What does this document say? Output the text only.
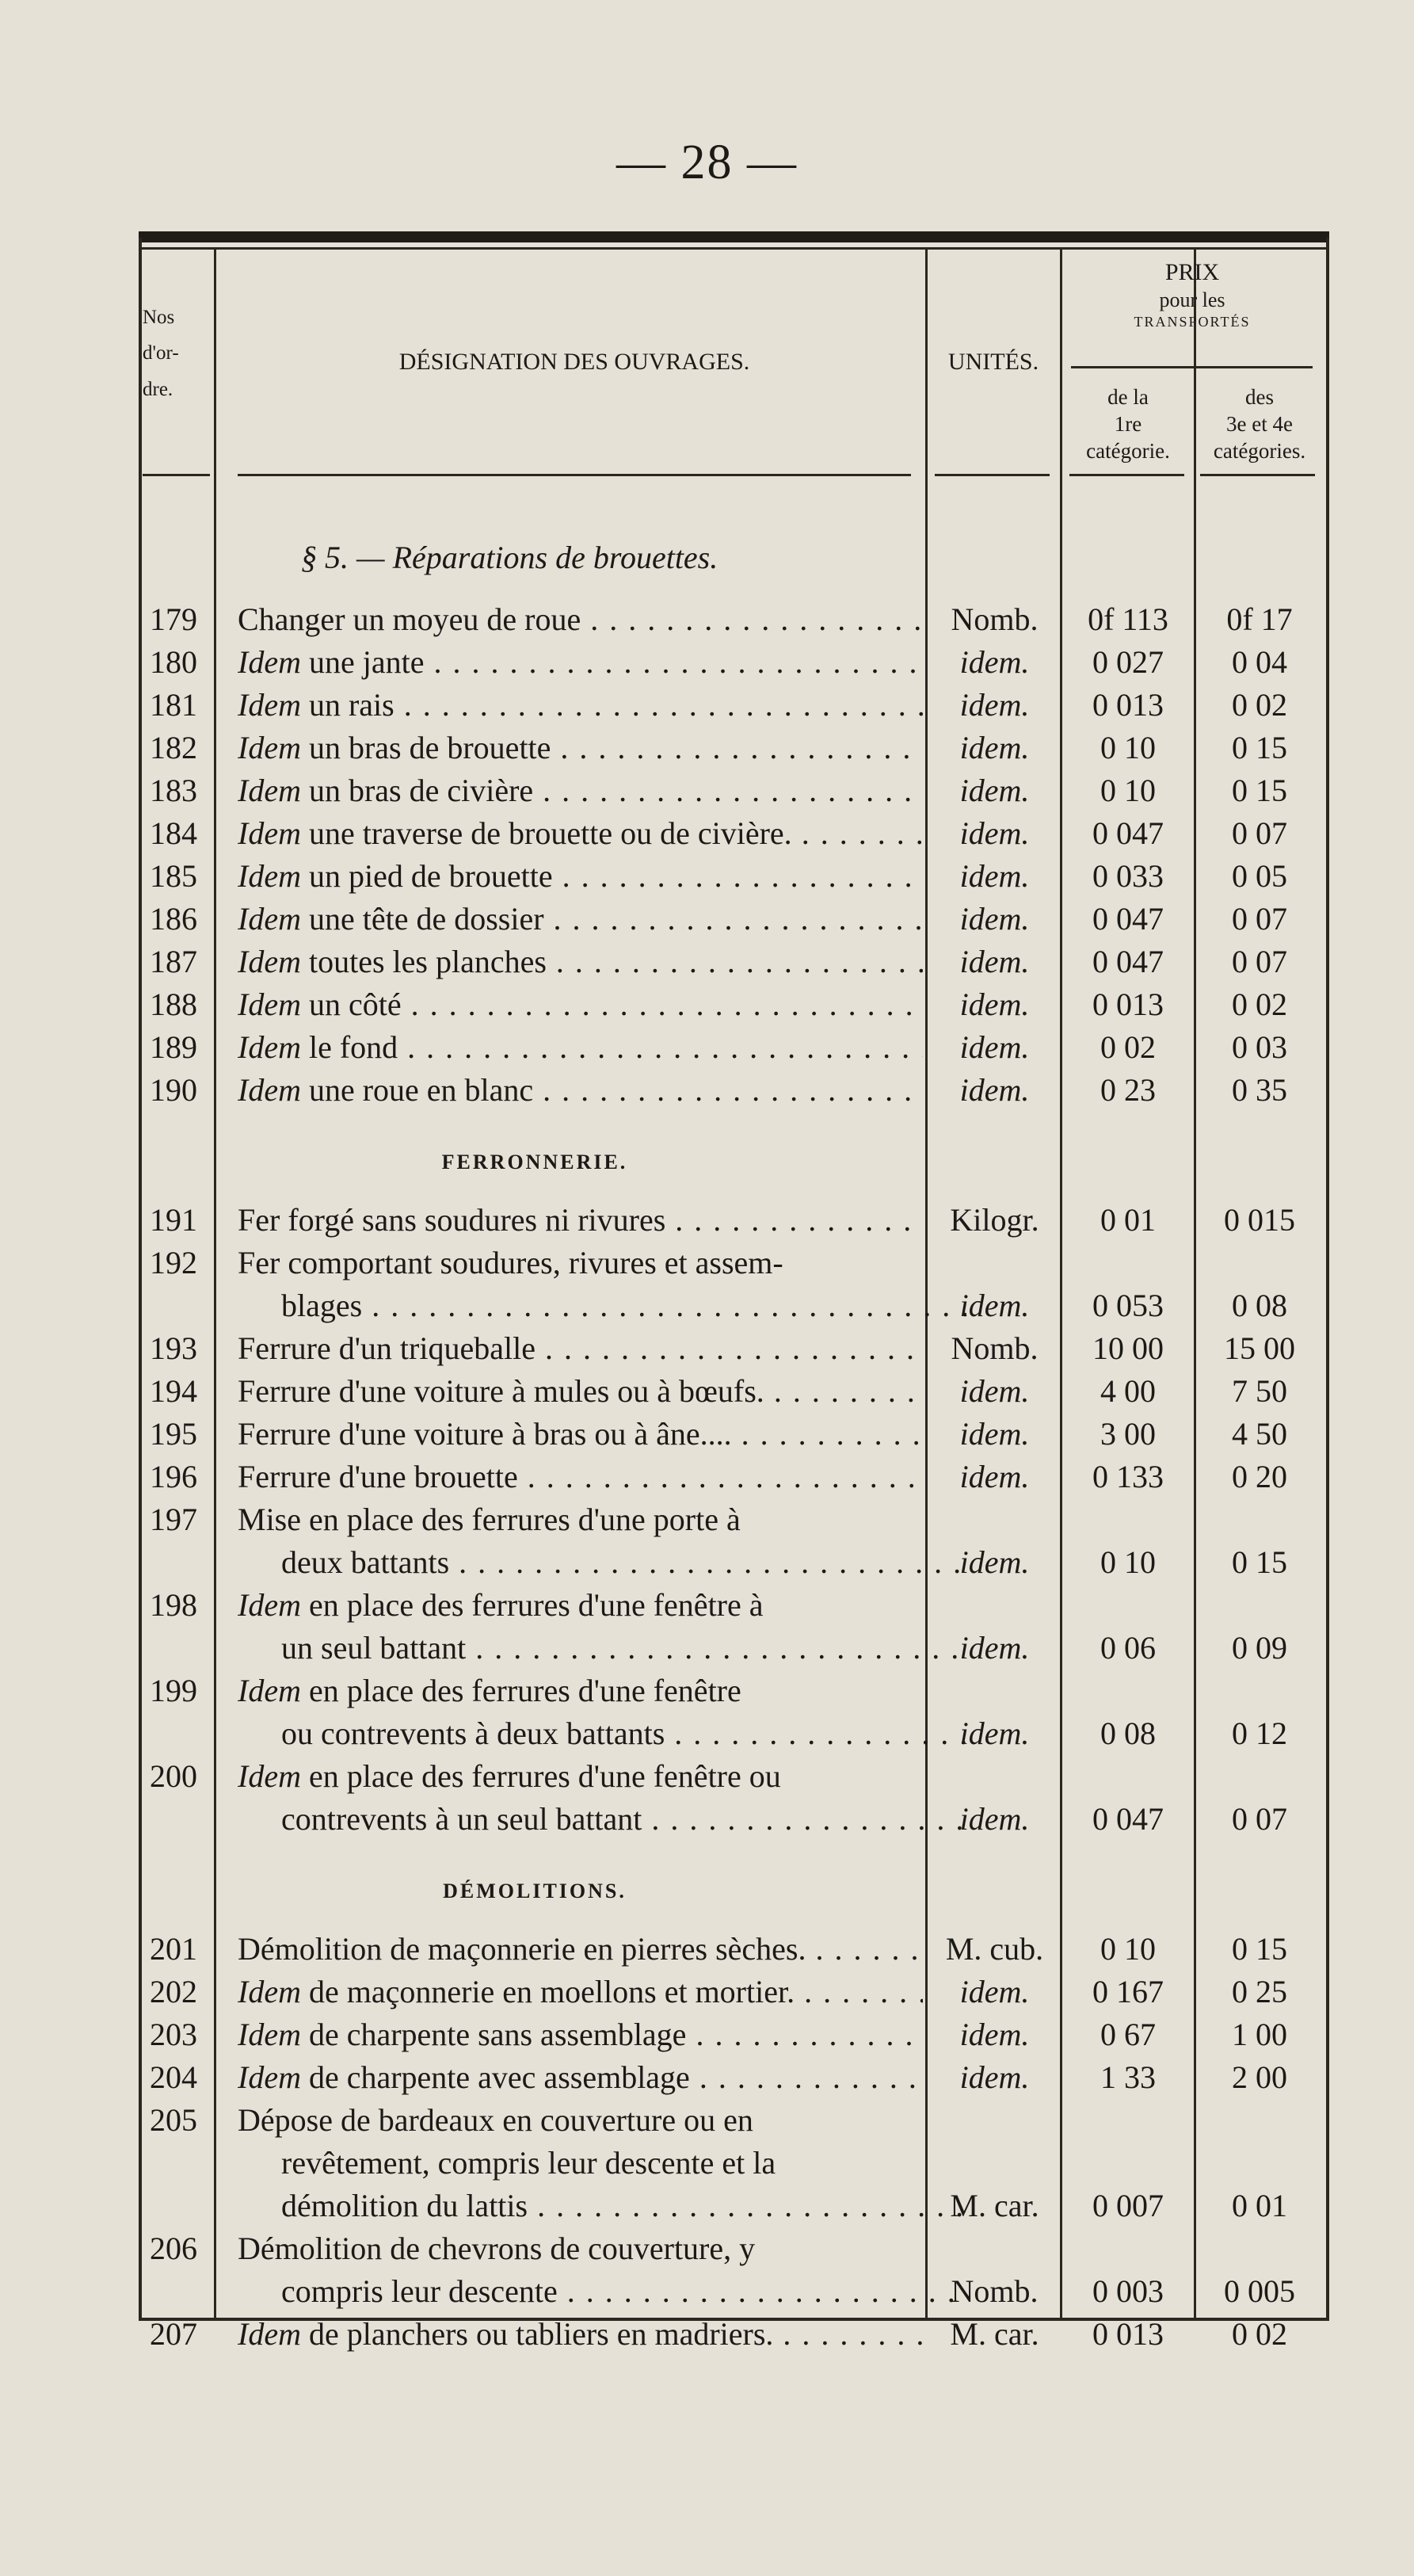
— 28 —
Nos
d'or-
dre.
DÉSIGNATION DES OUVRAGES.	UNITÉS.
PRIX
pour les
TRANSPORTÉS
de la
1re
catégorie.
des
3e et 4e
catégories.
§ 5. — Réparations de brouettes.
179	Changer un moyeu de roue . . .	Nomb.	0f 113	0f 17
180	Idem une jante . . .	idem.	0 027	0 04
181	Idem un rais . . .	idem.	0 013	0 02
182	Idem un bras de brouette . . .	idem.	0 10	0 15
183	Idem un bras de civière . . .	idem.	0 10	0 15
184	Idem une traverse de brouette ou de civière. . . .	idem.	0 047	0 07
185	Idem un pied de brouette . . .	idem.	0 033	0 05
186	Idem une tête de dossier . . .	idem.	0 047	0 07
187	Idem toutes les planches . . .	idem.	0 047	0 07
188	Idem un côté . . .	idem.	0 013	0 02
189	Idem le fond . . .	idem.	0 02	0 03
190	Idem une roue en blanc . . .	idem.	0 23	0 35
FERRONNERIE.
191	Fer forgé sans soudures ni rivures . . .	Kilogr.	0 01	0 015
192	Fer comportant soudures, rivures et assem-
blages . . .	idem.	0 053	0 08
193	Ferrure d'un triqueballe . . .	Nomb.	10 00	15 00
194	Ferrure d'une voiture à mules ou à bœufs. . . .	idem.	4 00	7 50
195	Ferrure d'une voiture à bras ou à âne.... . . .	idem.	3 00	4 50
196	Ferrure d'une brouette . . .	idem.	0 133	0 20
197	Mise en place des ferrures d'une porte à
deux battants . . .	idem.	0 10	0 15
198	Idem en place des ferrures d'une fenêtre à
un seul battant . . .	idem.	0 06	0 09
199	Idem en place des ferrures d'une fenêtre
ou contrevents à deux battants . . .	idem.	0 08	0 12
200	Idem en place des ferrures d'une fenêtre ou
contrevents à un seul battant . . .	idem.	0 047	0 07
DÉMOLITIONS.
201	Démolition de maçonnerie en pierres sèches. . . .	M. cub.	0 10	0 15
202	Idem de maçonnerie en moellons et mortier. . . .	idem.	0 167	0 25
203	Idem de charpente sans assemblage . . .	idem.	0 67	1 00
204	Idem de charpente avec assemblage . . .	idem.	1 33	2 00
205	Dépose de bardeaux en couverture ou en
revêtement, compris leur descente et la
démolition du lattis . . .	M. car.	0 007	0 01
206	Démolition de chevrons de couverture, y
compris leur descente . . .	Nomb.	0 003	0 005
207	Idem de planchers ou tabliers en madriers. . . .	M. car.	0 013	0 02
